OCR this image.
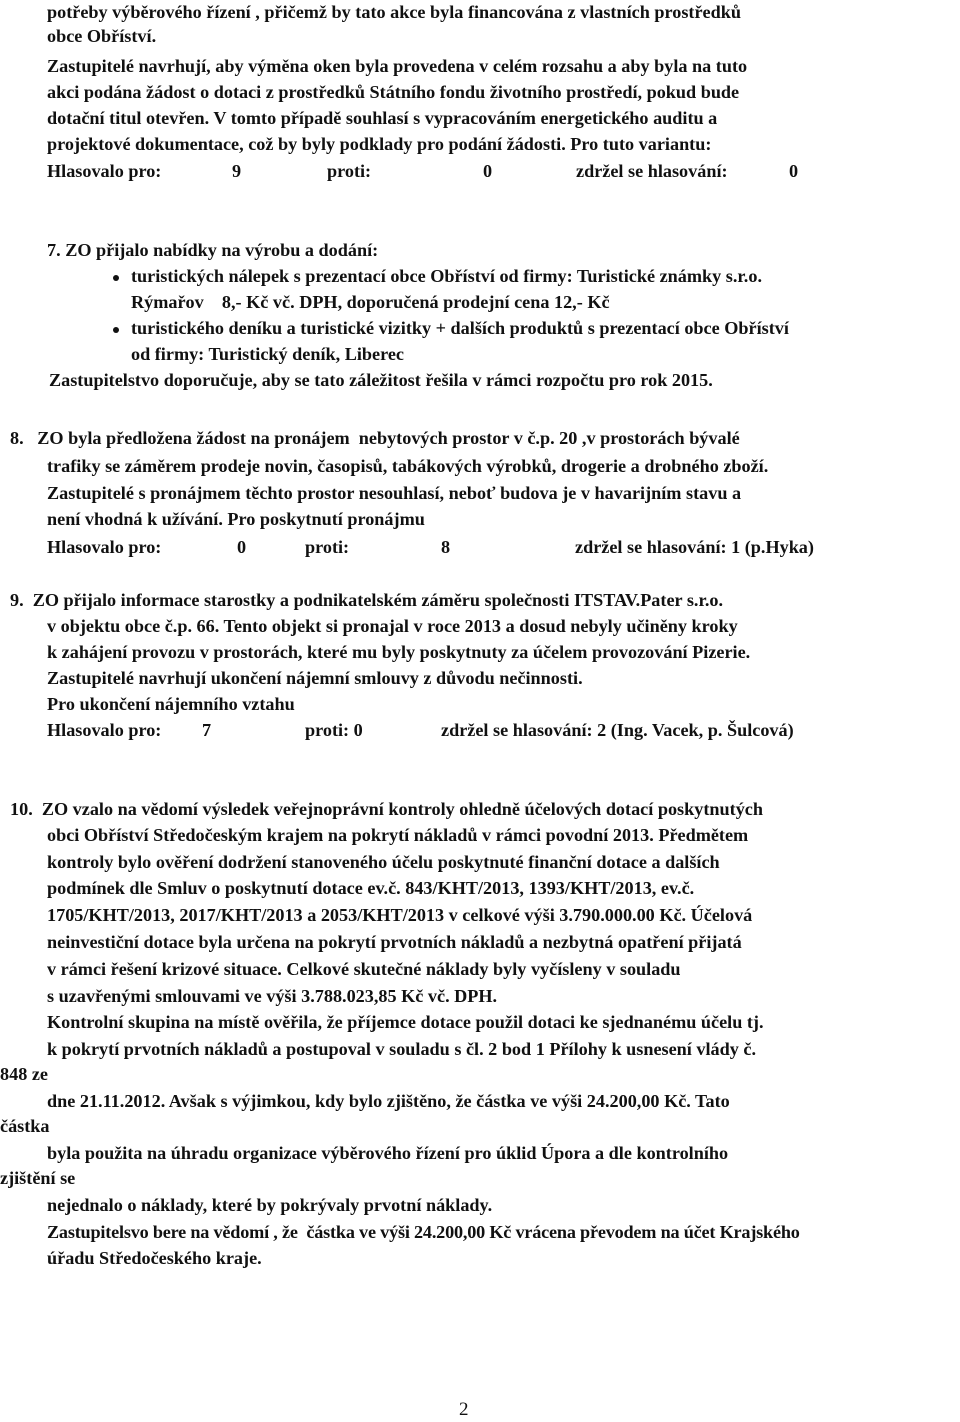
potřeby výběrového řízení , přičemž by tato akce byla financována z vlastních prostředků
obce Obříství.
Zastupitelé navrhují, aby výměna oken byla provedena v celém rozsahu a aby byla na tuto
akci podána žádost o dotaci z prostředků Státního fondu životního prostředí, pokud bude
dotační titul otevřen. V tomto případě souhlasí s vypracováním energetického auditu a
projektové dokumentace, což by byly podklady pro podání žádosti. Pro tuto variantu:
Hlasovalo pro:	9	proti:	0	zdržel se hlasování:	0
7. ZO přijalo nabídky na výrobu a dodání:
turistických nálepek s prezentací obce Obříství od firmy: Turistické známky s.r.o.
Rýmařov    8,- Kč vč. DPH, doporučená prodejní cena 12,- Kč
turistického deníku a turistické vizitky + dalších produktů s prezentací obce Obříství
od firmy: Turistický deník, Liberec
Zastupitelstvo doporučuje, aby se tato záležitost řešila v rámci rozpočtu pro rok 2015.
8.   ZO byla předložena žádost na pronájem  nebytových prostor v č.p. 20 ,v prostorách bývalé
trafiky se záměrem prodeje novin, časopisů, tabákových výrobků, drogerie a drobného zboží.
Zastupitelé s pronájmem těchto prostor nesouhlasí, neboť budova je v havarijním stavu a
není vhodná k užívání. Pro poskytnutí pronájmu
Hlasovalo pro:	0	proti:	8	zdržel se hlasování: 1 (p.Hyka)
9.  ZO přijalo informace starostky a podnikatelském záměru společnosti ITSTAV.Pater s.r.o.
v objektu obce č.p. 66. Tento objekt si pronajal v roce 2013 a dosud nebyly učiněny kroky
k zahájení provozu v prostorách, které mu byly poskytnuty za účelem provozování Pizerie.
Zastupitelé navrhují ukončení nájemní smlouvy z důvodu nečinnosti.
Pro ukončení nájemního vztahu
Hlasovalo pro: 7	proti: 0	zdržel se hlasování: 2 (Ing. Vacek, p. Šulcová)
10.  ZO vzalo na vědomí výsledek veřejnoprávní kontroly ohledně účelových dotací poskytnutých
obci Obříství Středočeským krajem na pokrytí nákladů v rámci povodní 2013. Předmětem
kontroly bylo ověření dodržení stanoveného účelu poskytnuté finanční dotace a dalších
podmínek dle Smluv o poskytnutí dotace ev.č. 843/KHT/2013, 1393/KHT/2013, ev.č.
1705/KHT/2013, 2017/KHT/2013 a 2053/KHT/2013 v celkové výši 3.790.000.00 Kč. Účelová
neinvestiční dotace byla určena na pokrytí prvotních nákladů a nezbytná opatření přijatá
v rámci řešení krizové situace. Celkové skutečné náklady byly vyčísleny v souladu
s uzavřenými smlouvami ve výši 3.788.023,85 Kč vč. DPH.
Kontrolní skupina na místě ověřila, že příjemce dotace použil dotaci ke sjednanému účelu tj.
k pokrytí prvotních nákladů a postupoval v souladu s čl. 2 bod 1 Přílohy k usnesení vlády č.
848 ze
dne 21.11.2012. Avšak s výjimkou, kdy bylo zjištěno, že částka ve výši 24.200,00 Kč. Tato
částka
byla použita na úhradu organizace výběrového řízení pro úklid Úpora a dle kontrolního
zjištění se
nejednalo o náklady, které by pokrývaly prvotní náklady.
Zastupitelsvo bere na vědomí , že  částka ve výši 24.200,00 Kč vrácena převodem na účet Krajského
úřadu Středočeského kraje.
2
